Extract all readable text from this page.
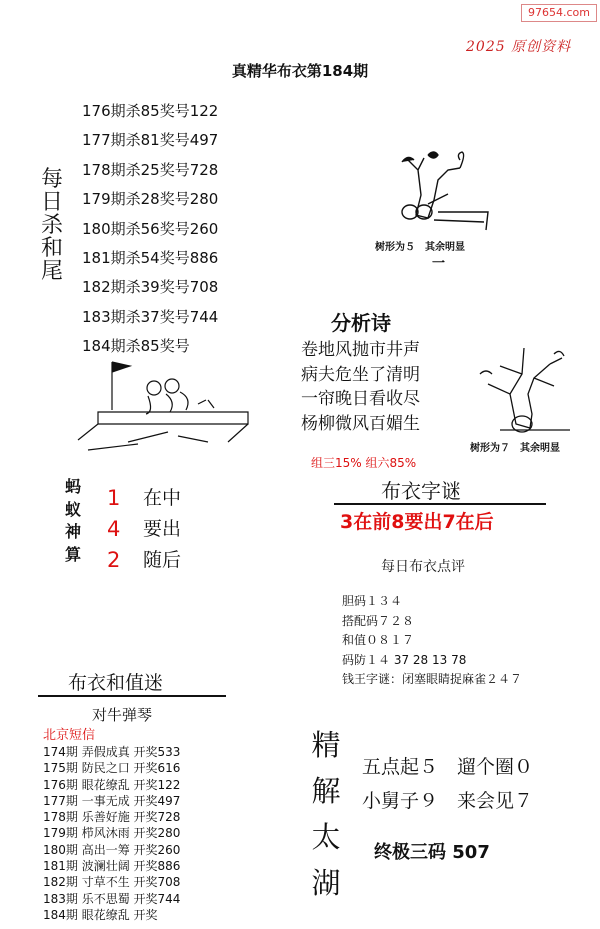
97654.com
2025 原创资料
真精华布衣第184期
每
日
杀
和
尾
176期杀85奖号122
177期杀81奖号497
178期杀25奖号728
179期杀28奖号280
180期杀56奖号260
181期杀54奖号886
182期杀39奖号708
183期杀37奖号744
184期杀85奖号
树形为５　其余明显
一
分析诗
卷地风抛市井声
病夫危坐了清明
一帘晚日看收尽
杨柳微风百媚生
树形为７　其余明显
组三15% 组六85%
蚂
蚁
神
算
1
4
2
在中
要出
随后
布衣字谜
3在前8要出7在后
每日布衣点评
胆码１３４
搭配码７２８
和值０８１７
码防１４ 37 28 13 78
钱王字谜：闭塞眼睛捉麻雀２４７
布衣和值迷
对牛弹琴
北京短信
174期 弄假成真 开奖533
175期 防民之口 开奖616
176期 眼花缭乱 开奖122
177期 一事无成 开奖497
178期 乐善好施 开奖728
179期 栉风沐雨 开奖280
180期 高出一筹 开奖260
181期 波澜壮阔 开奖886
182期 寸草不生 开奖708
183期 乐不思蜀 开奖744
184期 眼花缭乱 开奖
精
解
太
湖
五点起５　遛个圈０
小舅子９　来会见７
终极三码 507
